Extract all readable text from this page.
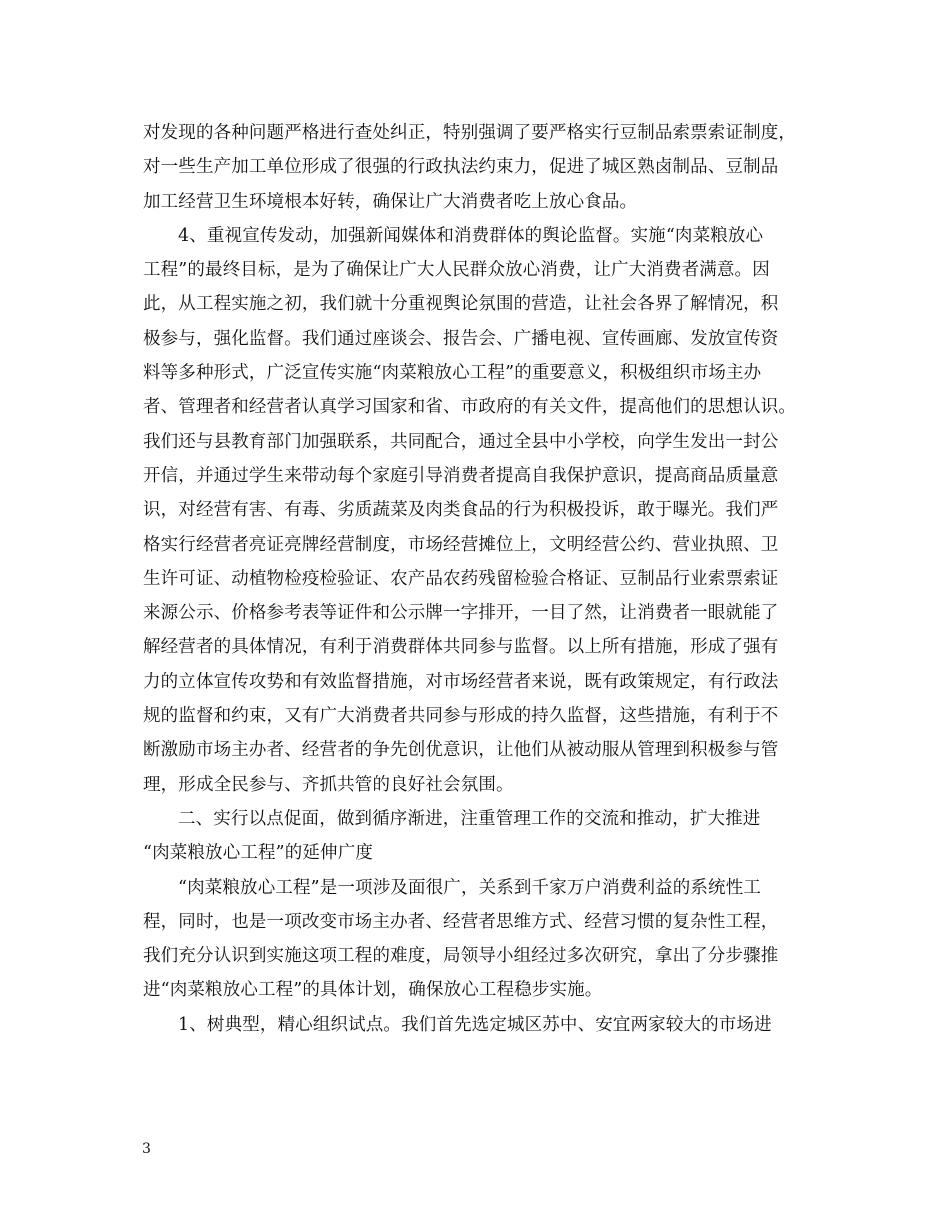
对发现的各种问题严格进行查处纠正，特别强调了要严格实行豆制品索票索证制度，
对一些生产加工单位形成了很强的行政执法约束力，促进了城区熟卤制品、豆制品
加工经营卫生环境根本好转，确保让广大消费者吃上放心食品。
4、重视宣传发动，加强新闻媒体和消费群体的舆论监督。实施“肉菜粮放心
工程”的最终目标，是为了确保让广大人民群众放心消费，让广大消费者满意。因
此，从工程实施之初，我们就十分重视舆论氛围的营造，让社会各界了解情况，积
极参与，强化监督。我们通过座谈会、报告会、广播电视、宣传画廊、发放宣传资
料等多种形式，广泛宣传实施“肉菜粮放心工程”的重要意义，积极组织市场主办
者、管理者和经营者认真学习国家和省、市政府的有关文件，提高他们的思想认识。
我们还与县教育部门加强联系，共同配合，通过全县中小学校，向学生发出一封公
开信，并通过学生来带动每个家庭引导消费者提高自我保护意识，提高商品质量意
识，对经营有害、有毒、劣质蔬菜及肉类食品的行为积极投诉，敢于曝光。我们严
格实行经营者亮证亮牌经营制度，市场经营摊位上，文明经营公约、营业执照、卫
生许可证、动植物检疫检验证、农产品农药残留检验合格证、豆制品行业索票索证
来源公示、价格参考表等证件和公示牌一字排开，一目了然，让消费者一眼就能了
解经营者的具体情况，有利于消费群体共同参与监督。以上所有措施，形成了强有
力的立体宣传攻势和有效监督措施，对市场经营者来说，既有政策规定，有行政法
规的监督和约束，又有广大消费者共同参与形成的持久监督，这些措施，有利于不
断激励市场主办者、经营者的争先创优意识，让他们从被动服从管理到积极参与管
理，形成全民参与、齐抓共管的良好社会氛围。
二、实行以点促面，做到循序渐进，注重管理工作的交流和推动，扩大推进
“肉菜粮放心工程”的延伸广度
“肉菜粮放心工程”是一项涉及面很广，关系到千家万户消费利益的系统性工
程，同时，也是一项改变市场主办者、经营者思维方式、经营习惯的复杂性工程，
我们充分认识到实施这项工程的难度，局领导小组经过多次研究，拿出了分步骤推
进“肉菜粮放心工程”的具体计划，确保放心工程稳步实施。
1、树典型，精心组织试点。我们首先选定城区苏中、安宜两家较大的市场进
3
